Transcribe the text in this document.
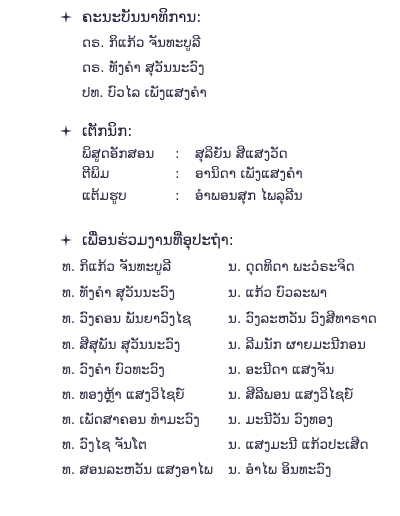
ຄະນະບັນນາທິການ:
ດຣ. ກິແກ້ວ ຈັນທະບູລີ
ດຣ. ທັງຄຳ ສຸວັນນະວົງ
ປທ. ບົວໄລ ເພັງແສງຄຳ
ເຕັກນິກ:
ພິສູດອັກສອນ : ສຸລິຍັນ ສີແສງວັດ
ຕີພິມ	: ອານິດາ ເພັງແສງຄຳ
ແຕ້ມຮູບ	: ອຳພອນສຸກ ໄພລຸລີນ
ເພື່ອນຮ່ວມງານທີ່ອຸປະຖຳ:
ທ. ກິແກ້ວ ຈັນທະບູລີ	ນ. ດຸດທິດາ ພະວໍຣະຈິດ
ທ. ທັງຄຳ ສຸວັນນະວົງ	ນ. ແກ້ວ ບົວລະພາ
ທ. ວົງຄອນ ພັນຍາວົງໄຊ	ນ. ວົງລະຫວັນ ວົງສີທາຣາດ
ທ. ສີສຸພັນ ສຸວັນນະວົງ	ນ. ລີມນັກ ຜາຍມະນີກອນ
ທ. ວົງຄຳ ບົວທະວົງ	ນ. ອະນີດາ ແສງຈັນ
ທ. ທອງຫຼ້າ ແສງວິໄຊຍ໌	ນ. ສີລີພອນ ແສງວິໄຊຍ໌
ທ. ເພັດສາຄອນ ທຳມະວົງ ນ. ມະນີວັນ ວົງທອງ
ທ. ວົງໄຊ ຈັນໂຕ	ນ. ແສງມະນີ ແກ້ວປະເສີດ
ທ. ສອນລະຫວັນ ແສງອາໄພ ນ. ອຳໄພ ອິນທະວົງ
